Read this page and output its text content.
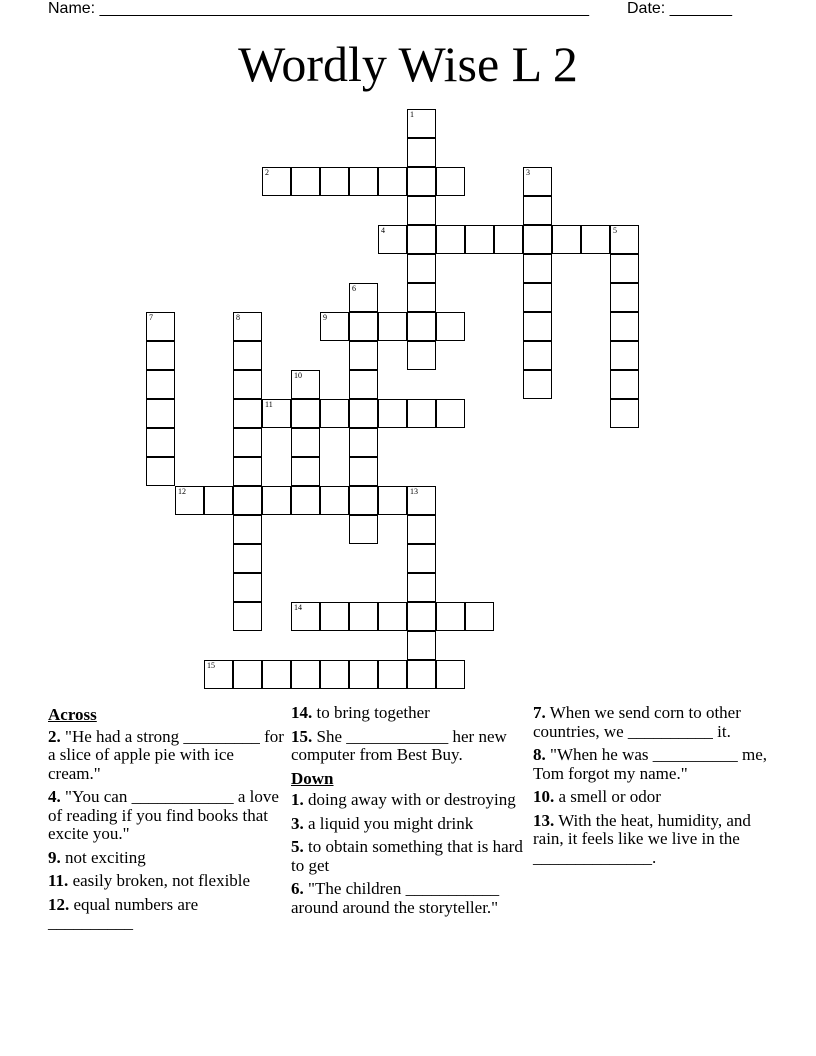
Name: _______________________________________________________ Date: _______
Wordly Wise L 2
1
2	3
4	5
6
7	8	9
10
11
12	13
14
15
Across
2. "He had a strong _________ for a slice of apple pie with ice cream."
4. "You can ____________ a love of reading if you find books that excite you."
9. not exciting
11. easily broken, not flexible
12. equal numbers are __________
14. to bring together
15. She ____________ her new computer from Best Buy.
Down
1. doing away with or destroying
3. a liquid you might drink
5. to obtain something that is hard to get
6. "The children ___________ around around the storyteller."
7. When we send corn to other countries, we __________ it.
8. "When he was __________ me, Tom forgot my name."
10. a smell or odor
13. With the heat, humidity, and rain, it feels like we live in the ______________.
